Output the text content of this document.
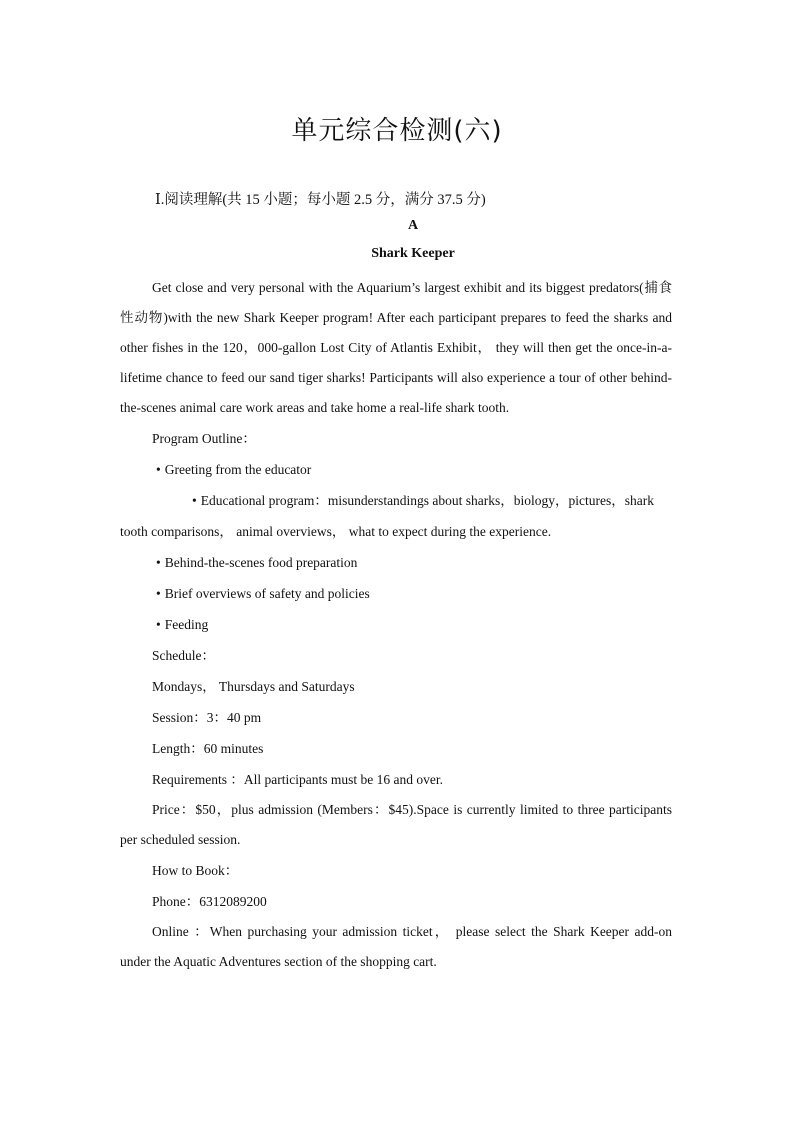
单元综合检测(六)
Ⅰ.阅读理解(共 15 小题；每小题 2.5 分，满分 37.5 分)
A
Shark Keeper

Get close and very personal with the Aquarium’s largest exhibit and its biggest predators(捕食性动物)with the new Shark Keeper program! After each participant prepares to feed the sharks and other fishes in the 120，000-gallon Lost City of Atlantis Exhibit， they will then get the once-in-a-lifetime chance to feed our sand tiger sharks! Participants will also experience a tour of other behind-the-scenes animal care work areas and take home a real-life shark tooth.

Program Outline：

• Greeting from the educator

• Educational program：misunderstandings about sharks，biology，pictures，shark tooth comparisons， animal overviews， what to expect during the experience.

• Behind-the-scenes food preparation

• Brief overviews of safety and policies

• Feeding

Schedule：

Mondays， Thursdays and Saturdays

Session：3：40 pm

Length：60 minutes

Requirements ：All participants must be 16 and over.

Price：$50，plus admission (Members：$45).Space is currently limited to three participants per scheduled session.

How to Book：

Phone：6312089200

Online ：When purchasing your admission ticket， please select the Shark Keeper add-on under the Aquatic Adventures section of the shopping cart.
